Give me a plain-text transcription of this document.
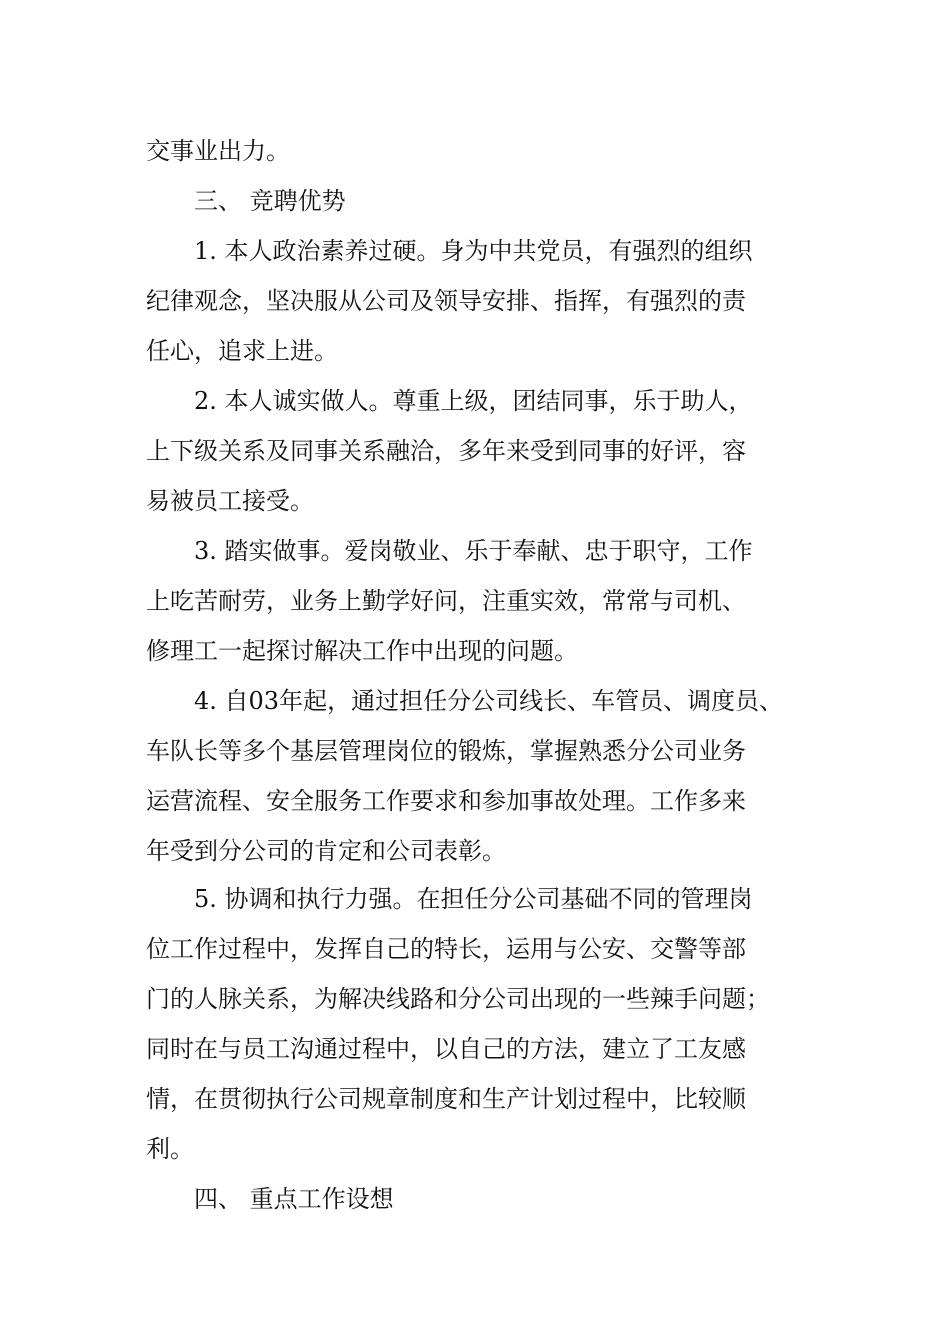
交事业出力。
三、 竞聘优势
1. 本人政治素养过硬。身为中共党员，有强烈的组织
纪律观念，坚决服从公司及领导安排、指挥，有强烈的责
任心，追求上进。
2. 本人诚实做人。尊重上级，团结同事，乐于助人，
上下级关系及同事关系融洽，多年来受到同事的好评，容
易被员工接受。
3. 踏实做事。爱岗敬业、乐于奉献、忠于职守，工作
上吃苦耐劳，业务上勤学好问，注重实效，常常与司机、
修理工一起探讨解决工作中出现的问题。
4. 自03年起，通过担任分公司线长、车管员、调度员、
车队长等多个基层管理岗位的锻炼，掌握熟悉分公司业务
运营流程、安全服务工作要求和参加事故处理。工作多来
年受到分公司的肯定和公司表彰。
5. 协调和执行力强。在担任分公司基础不同的管理岗
位工作过程中，发挥自己的特长，运用与公安、交警等部
门的人脉关系，为解决线路和分公司出现的一些辣手问题；
同时在与员工沟通过程中，以自己的方法，建立了工友感
情，在贯彻执行公司规章制度和生产计划过程中，比较顺
利。
四、 重点工作设想
